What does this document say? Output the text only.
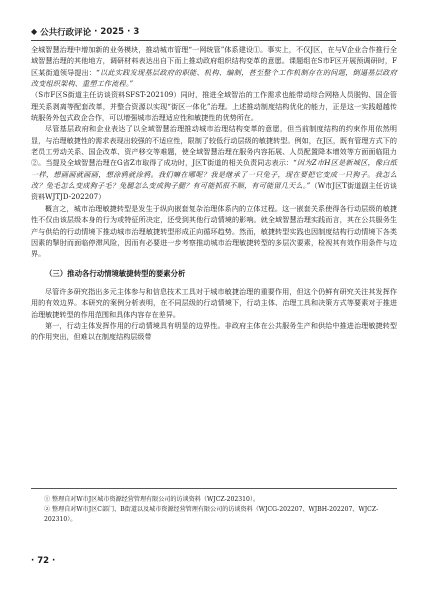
◆ 公共行政评论 · 2025 · 3

全城智慧治理中增加新的业务模块，推动城市管理“一网统管”体系建设①。事实上，不仅J区，在与V企业合作推行全域智慧治理的其他地方，调研材料表达出自下而上推动政府组织结构变革的意愿。课题组在S市F区开展预调研时，F区某街道领导提出：“以此实践发现基层政府的职能、机构、编制，甚至整个工作机制存在的问题，倒逼基层政府改变组织架构、重塑工作流程。”

（S市F区S街道主任访谈资料SFST-202109）同时，推进全域智治的工作需求也能带动综合网格人员脱钩、国企管理关系剥离等配套改革，并整合资源以实现“街区一体化”治理。上述推动制度结构优化的能力，正是这一实践超越传统服务外包式政企合作，可以增强城市治理适应性和敏捷性的优势所在。

尽管基层政府和企业表达了以全域智慧治理推动城市治理结构变革的意愿，但当前制度结构的约束作用依然明显，与治理敏捷性的需求表现出较强的不适应性，限制了较低行动层级的敏捷转型。例如，在J区，既有管理方式下的老员工劳动关系、国企改革、资产移交等难题，使全域智慧治理在服务内容拓展、人员配置降本增效等方面面临阻力②。当提及全域智慧治理在G省Z市取得了成功时，J区T街道的相关负责同志表示：“因为Z市H区是新城区，像白纸一样，想画画就画画，想涂鸦就涂鸦。我们嘛在哪呢？我是继承了一只兔子，现在要把它变成一只狗子。我怎么改？兔毛怎么变成狗子毛？兔腿怎么变成狗子腿？有可能抓很不顺，有可能留几天么。”（W市J区T街道副主任访谈资料WJTJD-202207）

概言之，城市治理敏捷转型是发生于纵向嵌套复杂治理体系内的立体过程。这一嵌套关系使得各行动层级的敏捷性不仅由该层级本身的行为或特征所决定，还受到其他行动情境的影响。就全域智慧治理实践而言，其在公共服务生产与供给的行动情境下推动城市治理敏捷转型形成正向循环趋势。然而，敏捷转型实践也因制度结构行动情境下各类因素的掣肘而面临停滞风险，因而有必要进一步考察推动城市治理敏捷转型的多层次要素，检视其有效作用条件与边界。

（三）推动各行动情境敏捷转型的要素分析

尽管许多研究指出多元主体参与和信息技术工具对于城市敏捷治理的重要作用，但这个仍鲜有研究关注其发挥作用的有效边界。本研究的案例分析表明，在不同层级的行动情境下，行动主体、治理工具和决策方式等要素对于推进治理敏捷转型的作用范围和具体内容存在差异。

第一，行动主体发挥作用的行动情境具有明显的边界性。非政府主体在公共服务生产和供给中推进治理敏捷转型的作用突出，但难以在制度结构层级带

① 整理自对W市J区城市资源经营管理有限公司的访谈资料（WJCZ-202310）。
② 整理自对W市J区C部门、B街道以及城市资源经营管理有限公司的访谈资料（WJCG-202207、WJBH-202207、WJCZ-202310）。
· 72 ·
